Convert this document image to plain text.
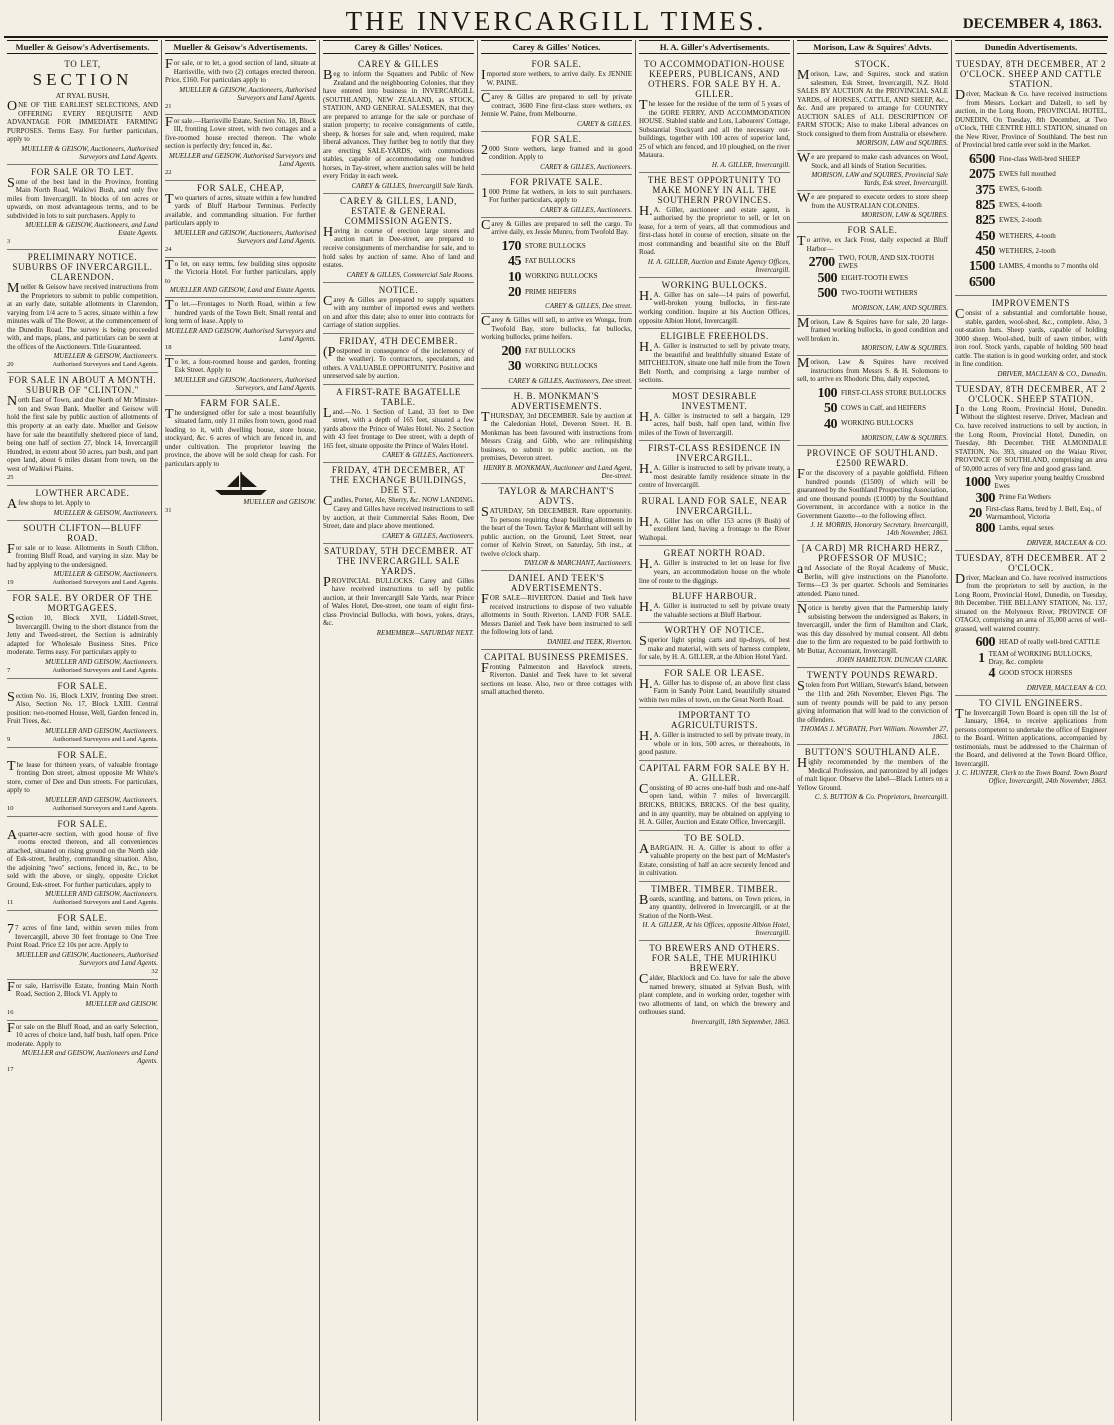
THE INVERCARGILL TIMES.	DECEMBER 4, 1863.
Mueller & Geisow's Advertisements.
TO LET,
SECTION
AT RYAL BUSH,

ONE OF THE EARLIEST SELECTIONS, AND OFFERING EVERY REQUISITE AND ADVANTAGE FOR IMMEDIATE FARMING PURPOSES. Terms Easy. For further particulars, apply to

MUELLER & GEISOW, Auctioneers, Authorised Surveyors and Land Agents.
FOR SALE OR TO LET.

Some of the best land in the Province, fronting Main North Road, Waikiwi Bush, and only five miles from Invercargill. In blocks of ten acres or upwards, on most advantageous terms, and to be subdivided in lots to suit purchasers. Apply to

MUELLER & GEISOW, Auctioneers, and Land Estate Agents.
3
PRELIMINARY NOTICE. SUBURBS OF INVERCARGILL. CLARENDON.

Mueller & Geisow have received instructions from the Proprietors to submit to public competition, at an early date, suitable allotments in Clarendon, varying from 1/4 acre to 5 acres, situate within a few minutes walk of The Bower, at the commencement of the Dunedin Road. The survey is being proceeded with, and maps, plans, and particulars can be seen at the offices of the Auctioneers. Title Guaranteed.

MUELLER & GEISOW, Auctioneers.
20	Authorised Surveyors and Land Agents.
FOR SALE IN ABOUT A MONTH. SUBURB OF "CLINTON."

North East of Town, and due North of Mr Minster-ton and Swan Bank. Mueller and Geisow will hold the first sale by public auction of allotments of this property at an early date. Mueller and Geisow have for sale the beautifully sheltered piece of land, being one half of section 27, block 14, Invercargill Hundred, in extent about 50 acres, part bush, and part open land, about 6 miles distant from town, on the west of Waikiwi Plains.

25
LOWTHER ARCADE.

Afew shops to let. Apply to

MUELLER & GEISOW, Auctioneers.
SOUTH CLIFTON—BLUFF ROAD.

For sale or to lease. Allotments in South Clifton, fronting Bluff Road, and varying in size. May be had by applying to the undersigned.

MUELLER & GEISOW, Auctioneers.
19	Authorised Surveyors and Land Agents.
FOR SALE. BY ORDER OF THE MORTGAGEES.

Section 10, Block XVII, Liddell-Street, Invercargill. Owing to the short distance from the Jetty and Tweed-street, the Section is admirably adapted for Wholesale Business Sites. Price moderate. Terms easy. For particulars apply to

MUELLER AND GEISOW, Auctioneers.
7	Authorised Surveyors and Land Agents.
FOR SALE.

Section No. 16, Block LXIV, fronting Dee street. Also, Section No. 17, Block LXIII. Central position: two-roomed House, Well, Garden fenced in, Fruit Trees, &c.

MUELLER AND GEISOW, Auctioneers.
9	Authorised Surveyors and Land Agents.
FOR SALE.

The lease for thirteen years, of valuable frontage fronting Don street, almost opposite Mr White's store, corner of Dee and Dun streets. For particulars, apply to

MUELLER AND GEISOW, Auctioneers.
10	Authorised Surveyors and Land Agents.
FOR SALE.

Aquarter-acre section, with good house of five rooms erected thereon, and all conveniences attached, situated on rising ground on the North side of Esk-street, healthy, commanding situation. Also, the adjoining "two" sections, fenced in, &c., to be sold with the above, or singly, opposite Cricket Ground, Esk-street. For further particulars, apply to

MUELLER AND GEISOW, Auctioneers.
11	Authorised Surveyors and Land Agents.
FOR SALE.

77 acres of fine land, within seven miles from Invercargill, above 30 feet frontage to One Tree Point Road. Price £2 10s per acre. Apply to

MUELLER and GEISOW, Auctioneers, Authorised Surveyors and Land Agents.
32

For sale, Harrisville Estate, fronting Main North Road, Section 2, Block VI. Apply to

MUELLER and GEISOW.
16

For sale on the Bluff Road, and an early Selection, 10 acres of choice land, half bush, half open. Price moderate. Apply to

MUELLER and GEISOW, Auctioneers and Land Agents.
17
Mueller & Geisow's Advertisements.

For sale, or to let, a good section of land, situate at Harrisville, with two (2) cottages erected thereon. Price, £160. For particulars apply to

MUELLER & GEISOW, Auctioneers, Authorised Surveyors and Land Agents.
21

For sale.—Harrisville Estate, Section No. 18, Block III, fronting Lowe street, with two cottages and a five-roomed house erected thereon. The whole section is perfectly dry; fenced in, &c.

MUELLER and GEISOW, Authorised Surveyors and Land Agents.
22
FOR SALE, CHEAP,

Two quarters of acres, situate within a few hundred yards of Bluff Harbour Terminus. Perfectly available, and commanding situation. For further particulars apply to

MUELLER and GEISOW, Auctioneers, Authorised Surveyors and Land Agents.
24

To let, on easy terms, few building sites opposite the Victoria Hotel. For further particulars, apply to

MUELLER AND GEISOW, Land and Estate Agents.

To let.—Frontages to North Road, within a few hundred yards of the Town Belt. Small rental and long term of lease. Apply to

MUELLER AND GEISOW, Authorised Surveyors and Land Agents.
18

To let, a four-roomed house and garden, fronting Esk Street. Apply to

MUELLER and GEISOW, Auctioneers, Authorised Surveyors, and Land Agents.
FARM FOR SALE.

The undersigned offer for sale a most beautifully situated farm, only 11 miles from town, good road leading to it, with dwelling house, store house, stockyard, &c. 6 acres of which are fenced in, and under cultivation. The proprietor leaving the province, the above will be sold cheap for cash. For particulars apply to

MUELLER and GEISOW.
31
Carey & Gilles' Notices.
CAREY & GILLES

Beg to inform the Squatters and Public of New Zealand and the neighbouring Colonies, that they have entered into business in INVERCARGILL (SOUTHLAND), NEW ZEALAND, as STOCK, STATION, AND GENERAL SALESMEN, that they are prepared to arrange for the sale or purchase of station property; to receive consignments of cattle, sheep, & horses for sale and, when required, make liberal advances. They further beg to notify that they are erecting SALE-YARDS, with commodious stables, capable of accommodating one hundred horses, in Tay-street, where auction sales will be held every Friday in each week.

CAREY & GILLES, Invercargill Sale Yards.
CAREY & GILLES, LAND, ESTATE & GENERAL COMMISSION AGENTS.

Having in course of erection large stores and auction mart in Dee-street, are prepared to receive consignments of merchandise for sale, and to hold sales by auction of same. Also of land and estates.

CAREY & GILLES, Commercial Sale Rooms.
NOTICE.

Carey & Gilles are prepared to supply squatters with any number of imported ewes and wethers on and after this date; also to enter into contracts for carriage of station supplies.

FRIDAY, 4TH DECEMBER.

(Postponed in consequence of the inclemency of the weather). To contractors, speculators, and others. A VALUABLE OPPORTUNITY. Positive and unreserved sale by auction.

A FIRST-RATE BAGATELLE TABLE.

Land.—No. 1 Section of Land, 33 feet to Dee street, with a depth of 165 feet, situated a few yards above the Prince of Wales Hotel. No. 2 Section with 43 feet frontage to Dee street, with a depth of 165 feet, situate opposite the Prince of Wales Hotel.

CAREY & GILLES, Auctioneers.
FRIDAY, 4TH DECEMBER, AT THE EXCHANGE BUILDINGS, DEE ST.

Candles, Porter, Ale, Sherry, &c. NOW LANDING. Carey and Gilles have received instructions to sell by auction, at their Commercial Sales Room, Dee Street, date and place above mentioned.

CAREY & GILLES, Auctioneers.
SATURDAY, 5TH DECEMBER. AT THE INVERCARGILL SALE YARDS.

PROVINCIAL BULLOCKS. Carey and Gilles have received instructions to sell by public auction, at their Invercargill Sale Yards, near Prince of Wales Hotel, Dee-street, one team of eight first-class Provincial Bullocks, with bows, yokes, drays, &c.

REMEMBER—SATURDAY NEXT.
Carey & Gilles' Notices.
FOR SALE.

Imported store wethers, to arrive daily. Ex JENNIE W. PAINE.

Carey & Gilles are prepared to sell by private contract, 3600 Fine first-class store wethers, ex Jennie W. Paine, from Melbourne.

CAREY & GILLES.
FOR SALE.

2000 Store wethers, large framed and in good condition. Apply to

CAREY & GILLES, Auctioneers.
FOR PRIVATE SALE.

1000 Prime fat wethers, in lots to suit purchasers. For further particulars, apply to

CAREY & GILLES, Auctioneers.

Carey & Gilles are prepared to sell the cargo. To arrive daily, ex Jessie Munro, from Twofold Bay.

170 STORE BULLOCKS
45 FAT BULLOCKS
10 WORKING BULLOCKS
20 PRIME HEIFERS
CAREY & GILLES, Dee street.

Carey & Gilles will sell, to arrive ex Wonga, from Twofold Bay, store bullocks, fat bullocks, working bullocks, prime heifers.

200 FAT BULLOCKS
30 WORKING BULLOCKS
CAREY & GILLES, Auctioneers, Dee street.
H. B. MONKMAN'S ADVERTISEMENTS.

THURSDAY, 3rd DECEMBER. Sale by auction at the Caledonian Hotel, Deveron Street. H. B. Monkman has been favoured with instructions from Messrs Craig and Gibb, who are relinquishing business, to submit to public auction, on the premises, Deveron street.

HENRY B. MONKMAN, Auctioneer and Land Agent, Dee-street.
TAYLOR & MARCHANT'S ADVTS.

SATURDAY, 5th DECEMBER. Rare opportunity. To persons requiring cheap building allotments in the heart of the Town. Taylor & Marchant will sell by public auction, on the Ground, Leet Street, near corner of Kelvin Street, on Saturday, 5th inst., at twelve o'clock sharp.

TAYLOR & MARCHANT, Auctioneers.
DANIEL AND TEEK'S ADVERTISEMENTS.

FOR SALE—RIVERTON. Daniel and Teek have received instructions to dispose of two valuable allotments in South Riverton. LAND FOR SALE. Messrs Daniel and Teek have been instructed to sell the following lots of land.

DANIEL and TEEK, Riverton.
CAPITAL BUSINESS PREMISES.

Fronting Palmerston and Havelock streets, Riverton. Daniel and Teek have to let several sections on lease. Also, two or three cottages with small attached thereto.

H. A. Giller's Advertisements.
TO ACCOMMODATION-HOUSE KEEPERS, PUBLICANS, AND OTHERS. FOR SALE BY H. A. GILLER.

The lessee for the residue of the term of 5 years of the GORE FERRY, AND ACCOMMODATION HOUSE. Stabled stable and Lots, Labourers' Cottage, Substantial Stockyard and all the necessary out-buildings, together with 100 acres of superior land, 25 of which are fenced, and 10 ploughed, on the river Mataura.

H. A. GILLER, Invercargill.
THE BEST OPPORTUNITY TO MAKE MONEY IN ALL THE SOUTHERN PROVINCES.

H.A. Giller, auctioneer and estate agent, is authorised by the proprietor to sell, or let on lease, for a term of years, all that commodious and first-class hotel in course of erection, situate on the most commanding and beautiful site on the Bluff Road.

H. A. GILLER, Auction and Estate Agency Offices, Invercargill.
WORKING BULLOCKS.

H.A. Giller has on sale—14 pairs of powerful, well-broken young bullocks, in first-rate working condition. Inquire at his Auction Offices, opposite Albion Hotel, Invercargill.

ELIGIBLE FREEHOLDS.

H.A. Giller is instructed to sell by private treaty, the beautiful and healthfully situated Estate of MITCHELTON, situate one half mile from the Town Belt North, and comprising a large number of sections.

MOST DESIRABLE INVESTMENT.

H.A. Giller is instructed to sell a bargain, 129 acres, half bush, half open land, within five miles of the Town of Invercargill.

FIRST-CLASS RESIDENCE IN INVERCARGILL.

H.A. Giller is instructed to sell by private treaty, a most desirable family residence situate in the centre of Invercargill.

RURAL LAND FOR SALE, NEAR INVERCARGILL.

H.A. Giller has on offer 153 acres (8 Bush) of excellent land, having a frontage to the River Waihopai.

GREAT NORTH ROAD.

H.A. Giller is instructed to let on lease for five years, an accommodation house on the whole line of route to the diggings.

BLUFF HARBOUR.

H.A. Giller is instructed to sell by private treaty the valuable sections at Bluff Harbour.

WORTHY OF NOTICE.

Superior light spring carts and tip-drays, of best make and material, with sets of harness complete, for sale, by H. A. GILLER, at the Albion Hotel Yard.

FOR SALE OR LEASE.

H.A. Giller has to dispose of, an above first class Farm in Sandy Point Land, beautifully situated within two miles of town, on the Great North Road.

IMPORTANT TO AGRICULTURISTS.

H.A. Giller is instructed to sell by private treaty, in whole or in lots, 500 acres, or thereabouts, in good pasture.

CAPITAL FARM FOR SALE BY H. A. GILLER.

Consisting of 80 acres one-half bush and one-half open land, within 7 miles of Invercargill. BRICKS, BRICKS, BRICKS. Of the best quality, and in any quantity, may be obtained on applying to H. A. Giller, Auction and Estate Office, Invercargill.

TO BE SOLD.

ABARGAIN. H. A. Giller is about to offer a valuable property on the best part of McMaster's Estate, consisting of half an acre securely fenced and in cultivation.

TIMBER. TIMBER. TIMBER.

Boards, scantling, and battens, on Town prices, in any quantity, delivered in Invercargill, or at the Station of the North-West.

H. A. GILLER, At his Offices, opposite Albion Hotel, Invercargill.
TO BREWERS AND OTHERS. FOR SALE, THE MURIHIKU BREWERY.

Calder, Blacklock and Co. have for sale the above named brewery, situated at Sylvan Bush, with plant complete, and in working order, together with two allotments of land, on which the brewery and outhouses stand.

Invercargill, 18th September, 1863.
Morison, Law & Squires' Advts.
STOCK.

Morison, Law, and Squires, stock and station salesmen, Esk Street, Invercargill, N.Z. Hold SALES BY AUCTION At the PROVINCIAL SALE YARDS, of HORSES, CATTLE, AND SHEEP, &c., &c. And are prepared to arrange for COUNTRY AUCTION SALES of ALL DESCRIPTION OF FARM STOCK; Also to make Liberal advances on Stock consigned to them from Australia or elsewhere.

MORISON, LAW and SQUIRES.

We are prepared to make cash advances on Wool, Stock, and all kinds of Station Securities.

MORISON, LAW and SQUIRES, Provincial Sale Yards, Esk street, Invercargill.

We are prepared to execute orders to store sheep from the AUSTRALIAN COLONIES.

MORISON, LAW & SQUIRES.
FOR SALE.

To arrive, ex Jack Frost, daily expected at Bluff Harbor—

2700 TWO, FOUR, AND SIX-TOOTH EWES
500 EIGHT-TOOTH EWES
500 TWO-TOOTH WETHERS
MORISON, LAW, AND SQUIRES.

Morison, Law & Squires have for sale, 20 large-framed working bullocks, in good condition and well broken in.

MORISON, LAW & SQUIRES.

Morison, Law & Squires have received instructions from Messrs S. & H. Solomons to sell, to arrive ex Rhodoric Dhu, daily expected,

100 FIRST-CLASS STORE BULLOCKS
50 COWS in Calf, and HEIFERS
40 WORKING BULLOCKS
MORISON, LAW & SQUIRES.
PROVINCE OF SOUTHLAND. £2500 REWARD.

For the discovery of a payable goldfield. Fifteen hundred pounds (£1500) of which will be guaranteed by the Southland Prospecting Association, and one thousand pounds (£1000) by the Southland Government, in accordance with a notice in the Government Gazette—to the following effect.

J. H. MORRIS, Honorary Secretary. Invercargill, 14th November, 1863.
[A CARD] MR RICHARD HERZ, PROFESSOR OF MUSIC;

and Associate of the Royal Academy of Music, Berlin, will give instructions on the Pianoforte. Terms—£3 3s per quarter. Schools and Seminaries attended. Piano tuned.

Notice is hereby given that the Partnership lately subsisting between the undersigned as Bakers, in Invercargill, under the firm of Hamilton and Clark, was this day dissolved by mutual consent. All debts due to the firm are requested to be paid forthwith to Mr Buttar, Accountant, Invercargill.

JOHN HAMILTON. DUNCAN CLARK.
TWENTY POUNDS REWARD.

Stolen from Port William, Stewart's Island, between the 11th and 26th November, Eleven Pigs. The sum of twenty pounds will be paid to any person giving information that will lead to the conviction of the offenders.

THOMAS J. M'GRATH, Port William. November 27, 1863.
BUTTON'S SOUTHLAND ALE.

Highly recommended by the members of the Medical Profession, and patronized by all judges of malt liquor. Observe the label—Black Letters on a Yellow Ground.

C. S. BUTTON & Co. Proprietors, Invercargill.
Dunedin Advertisements.
TUESDAY, 8TH DECEMBER, AT 2 O'CLOCK. SHEEP AND CATTLE STATION.

Driver, Maclean & Co. have received instructions from Messrs. Lockart and Dalzell, to sell by auction, in the Long Room, PROVINCIAL HOTEL, DUNEDIN, On Tuesday, 8th December, at Two o'Clock, THE CENTRE HILL STATION, situated on the New River, Province of Southland. The best run of Provincial bred cattle ever sold in the Market.

6500 Fine-class Well-bred SHEEP
2075 EWES full mouthed
375 EWES, 6-tooth
825 EWES, 4-tooth
825 EWES, 2-tooth
450 WETHERS, 4-tooth
450 WETHERS, 2-tooth
1500 LAMBS, 4 months to 7 months old
6500
IMPROVEMENTS

Consist of a substantial and comfortable house, stable, garden, wool-shed, &c., complete. Also, 3 out-station huts. Sheep yards, capable of holding 3000 sheep. Wool-shed, built of sawn timber, with iron roof. Stock yards, capable of holding 500 head cattle. The station is in good working order, and stock in fine condition.

DRIVER, MACLEAN & CO., Dunedin.
TUESDAY, 8TH DECEMBER, AT 2 O'CLOCK. SHEEP STATION.

In the Long Room, Provincial Hotel, Dunedin. Without the slightest reserve. Driver, Maclean and Co. have received instructions to sell by auction, in the Long Room, Provincial Hotel, Dunedin, on Tuesday, 8th December. THE ALMONDALE STATION, No. 393, situated on the Waiau River, PROVINCE OF SOUTHLAND, comprising an area of 50,000 acres of very fine and good grass land.

1000 Very superior young healthy Crossbred Ewes
300 Prime Fat Wethers
20 First-class Rams, bred by J. Bell, Esq., of Warrnambool, Victoria
800 Lambs, equal sexes
DRIVER, MACLEAN & CO.
TUESDAY, 8TH DECEMBER. AT 2 O'CLOCK.

Driver, Maclean and Co. have received instructions from the proprietors to sell by auction, in the Long Room, Provincial Hotel, Dunedin, on Tuesday, 8th December. THE BELLANY STATION, No. 137, situated on the Molyneux River, PROVINCE OF OTAGO, comprising an area of 35,000 acres of well-grassed, well watered country.

600 HEAD of really well-bred CATTLE
1 TEAM of WORKING BULLOCKS, Dray, &c. complete
4 GOOD STOCK HORSES
DRIVER, MACLEAN & CO.
TO CIVIL ENGINEERS.

The Invercargill Town Board is open till the 1st of January, 1864, to receive applications from persons competent to undertake the office of Engineer to the Board. Written applications, accompanied by testimonials, must be addressed to the Chairman of the Board, and delivered at the Town Board Office, Invercargill.

J. C. HUNTER, Clerk to the Town Board. Town Board Office, Invercargill, 24th November, 1863.
